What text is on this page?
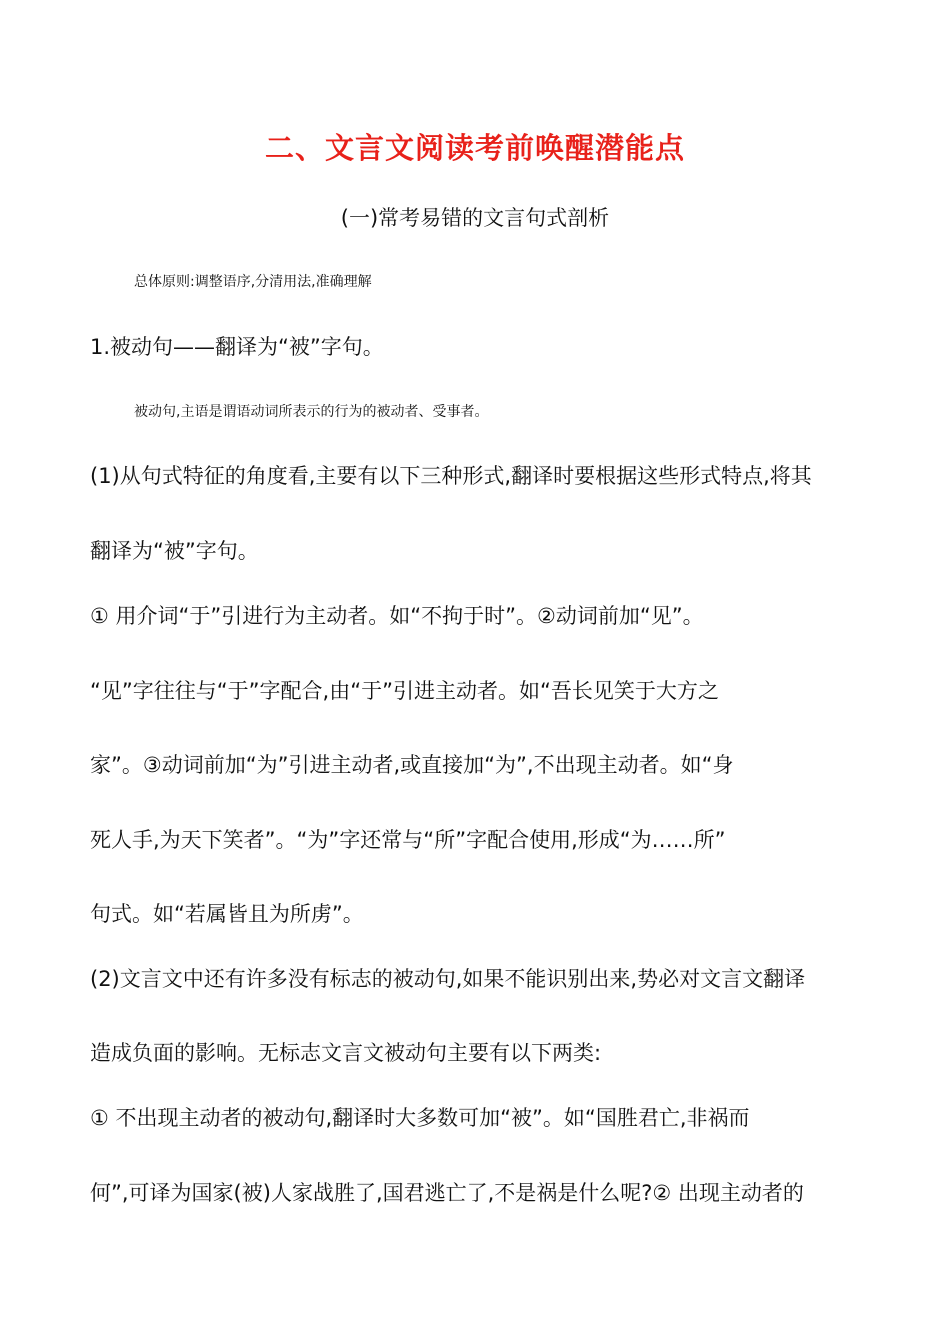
二、文言文阅读考前唤醒潜能点
(一)常考易错的文言句式剖析
总体原则:调整语序,分清用法,准确理解
1.被动句——翻译为“被”字句。
被动句,主语是谓语动词所表示的行为的被动者、受事者。
(1)从句式特征的角度看,主要有以下三种形式,翻译时要根据这些形式特点,将其
翻译为“被”字句。
① 用介词“于”引进行为主动者。如“不拘于时”。②动词前加“见”。
“见”字往往与“于”字配合,由“于”引进主动者。如“吾长见笑于大方之
家”。③动词前加“为”引进主动者,或直接加“为”,不出现主动者。如“身
死人手,为天下笑者”。“为”字还常与“所”字配合使用,形成“为……所”
句式。如“若属皆且为所虏”。
(2)文言文中还有许多没有标志的被动句,如果不能识别出来,势必对文言文翻译
造成负面的影响。无标志文言文被动句主要有以下两类:
① 不出现主动者的被动句,翻译时大多数可加“被”。如“国胜君亡,非祸而
何”,可译为国家(被)人家战胜了,国君逃亡了,不是祸是什么呢?② 出现主动者的
